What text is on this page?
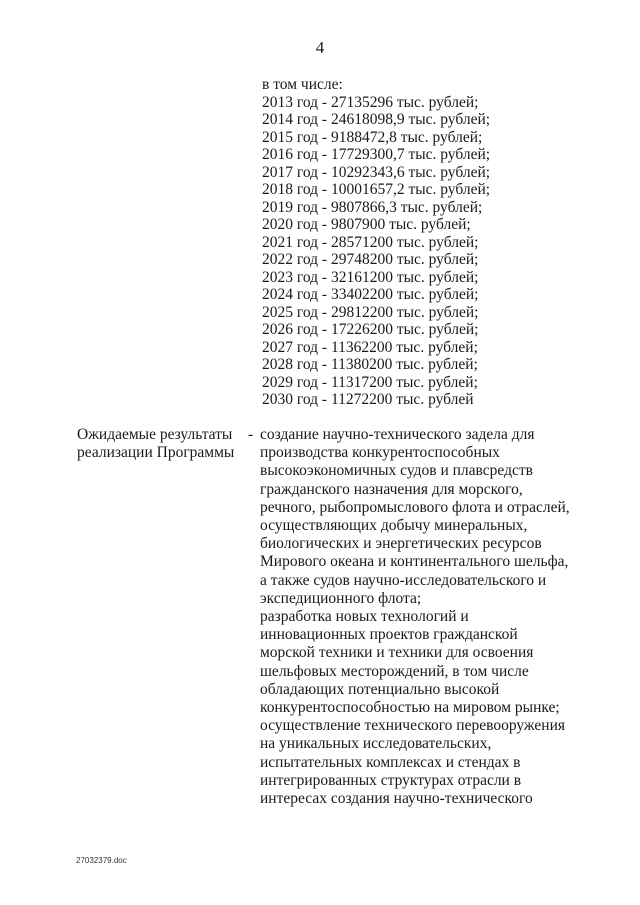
4
в том числе:
2013 год - 27135296 тыс. рублей;
2014 год - 24618098,9 тыс. рублей;
2015 год - 9188472,8 тыс. рублей;
2016 год - 17729300,7 тыс. рублей;
2017 год - 10292343,6 тыс. рублей;
2018 год - 10001657,2 тыс. рублей;
2019 год - 9807866,3 тыс. рублей;
2020 год - 9807900 тыс. рублей;
2021 год - 28571200 тыс. рублей;
2022 год - 29748200 тыс. рублей;
2023 год - 32161200 тыс. рублей;
2024 год - 33402200 тыс. рублей;
2025 год - 29812200 тыс. рублей;
2026 год - 17226200 тыс. рублей;
2027 год - 11362200 тыс. рублей;
2028 год - 11380200 тыс. рублей;
2029 год - 11317200 тыс. рублей;
2030 год - 11272200 тыс. рублей
Ожидаемые результаты
реализации Программы
- создание научно-технического задела для
производства конкурентоспособных
высокоэкономичных судов и плавсредств
гражданского назначения для морского,
речного, рыбопромыслового флота и отраслей,
осуществляющих добычу минеральных,
биологических и энергетических ресурсов
Мирового океана и континентального шельфа,
а также судов научно-исследовательского и
экспедиционного флота;
разработка новых технологий и
инновационных проектов гражданской
морской техники и техники для освоения
шельфовых месторождений, в том числе
обладающих потенциально высокой
конкурентоспособностью на мировом рынке;
осуществление технического перевооружения
на уникальных исследовательских,
испытательных комплексах и стендах в
интегрированных структурах отрасли в
интересах создания научно-технического
27032379.doc
